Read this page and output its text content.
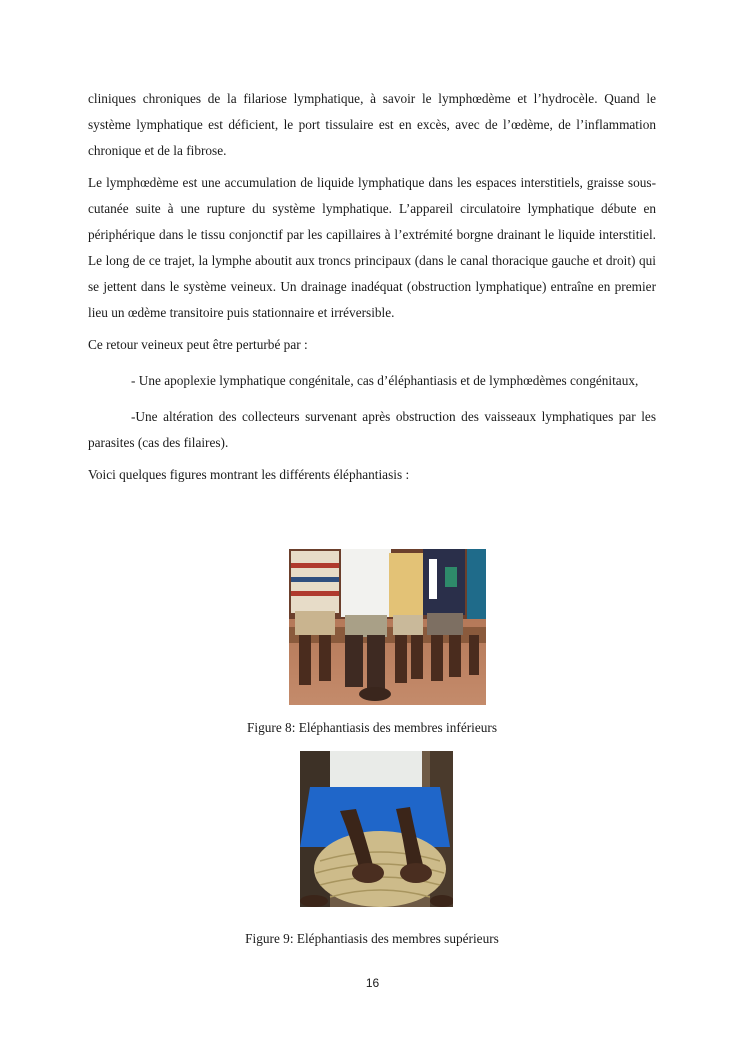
cliniques chroniques de la filariose lymphatique, à savoir le lymphœdème et l’hydrocèle. Quand le système lymphatique est déficient, le port tissulaire est en excès, avec de l’œdème, de l’inflammation chronique et de la fibrose.

Le lymphœdème est une accumulation de liquide lymphatique dans les espaces interstitiels, graisse sous-cutanée suite à une rupture du système lymphatique. L’appareil circulatoire lymphatique débute en périphérique dans le tissu conjonctif par les capillaires à l’extrémité borgne drainant le liquide interstitiel. Le long de ce trajet, la lymphe aboutit aux troncs principaux (dans le canal thoracique gauche et droit) qui se jettent dans le système veineux. Un drainage inadéquat (obstruction lymphatique) entraîne en premier lieu un œdème transitoire puis stationnaire et irréversible.

Ce retour veineux peut être perturbé par :

- Une apoplexie lymphatique congénitale, cas d’éléphantiasis et de lymphœdèmes congénitaux,

-Une altération des collecteurs survenant après obstruction des vaisseaux lymphatiques par les parasites (cas des filaires).

Voici quelques figures montrant les différents éléphantiasis :

Figure 8: Eléphantiasis des membres inférieurs
Figure 9: Eléphantiasis des membres supérieurs
16
